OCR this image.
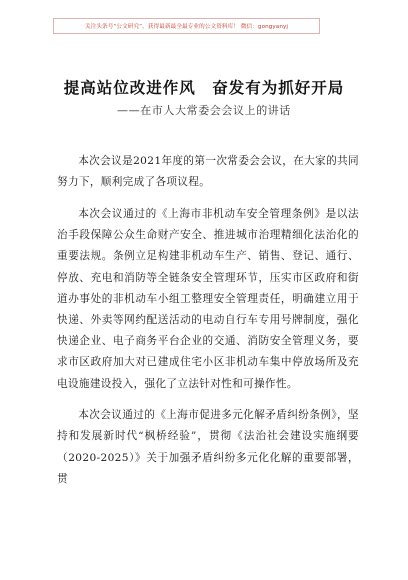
关注头条号“公文研究”，获得最新最全最专业的公文资料库！ 微信：gongyanyj
提高站位改进作风　奋发有为抓好开局
——在市人大常委会会议上的讲话

本次会议是2021年度的第一次常委会会议，在大家的共同努力下，顺利完成了各项议程。

本次会议通过的《上海市非机动车安全管理条例》是以法治手段保障公众生命财产安全、推进城市治理精细化法治化的重要法规。条例立足构建非机动车生产、销售、登记、通行、停放、充电和消防等全链条安全管理环节，压实市区政府和街道办事处的非机动车小组工整理安全管理责任，明确建立用于快递、外卖等网约配送活动的电动自行车专用号牌制度，强化快递企业、电子商务平台企业的交通、消防安全管理义务，要求市区政府加大对已建成住宅小区非机动车集中停放场所及充电设施建设投入，强化了立法针对性和可操作性。

本次会议通过的《上海市促进多元化解矛盾纠纷条例》，坚持和发展新时代“枫桥经验”，贯彻《法治社会建设实施纲要（2020-2025）》关于加强矛盾纠纷多元化化解的重要部署，贯
